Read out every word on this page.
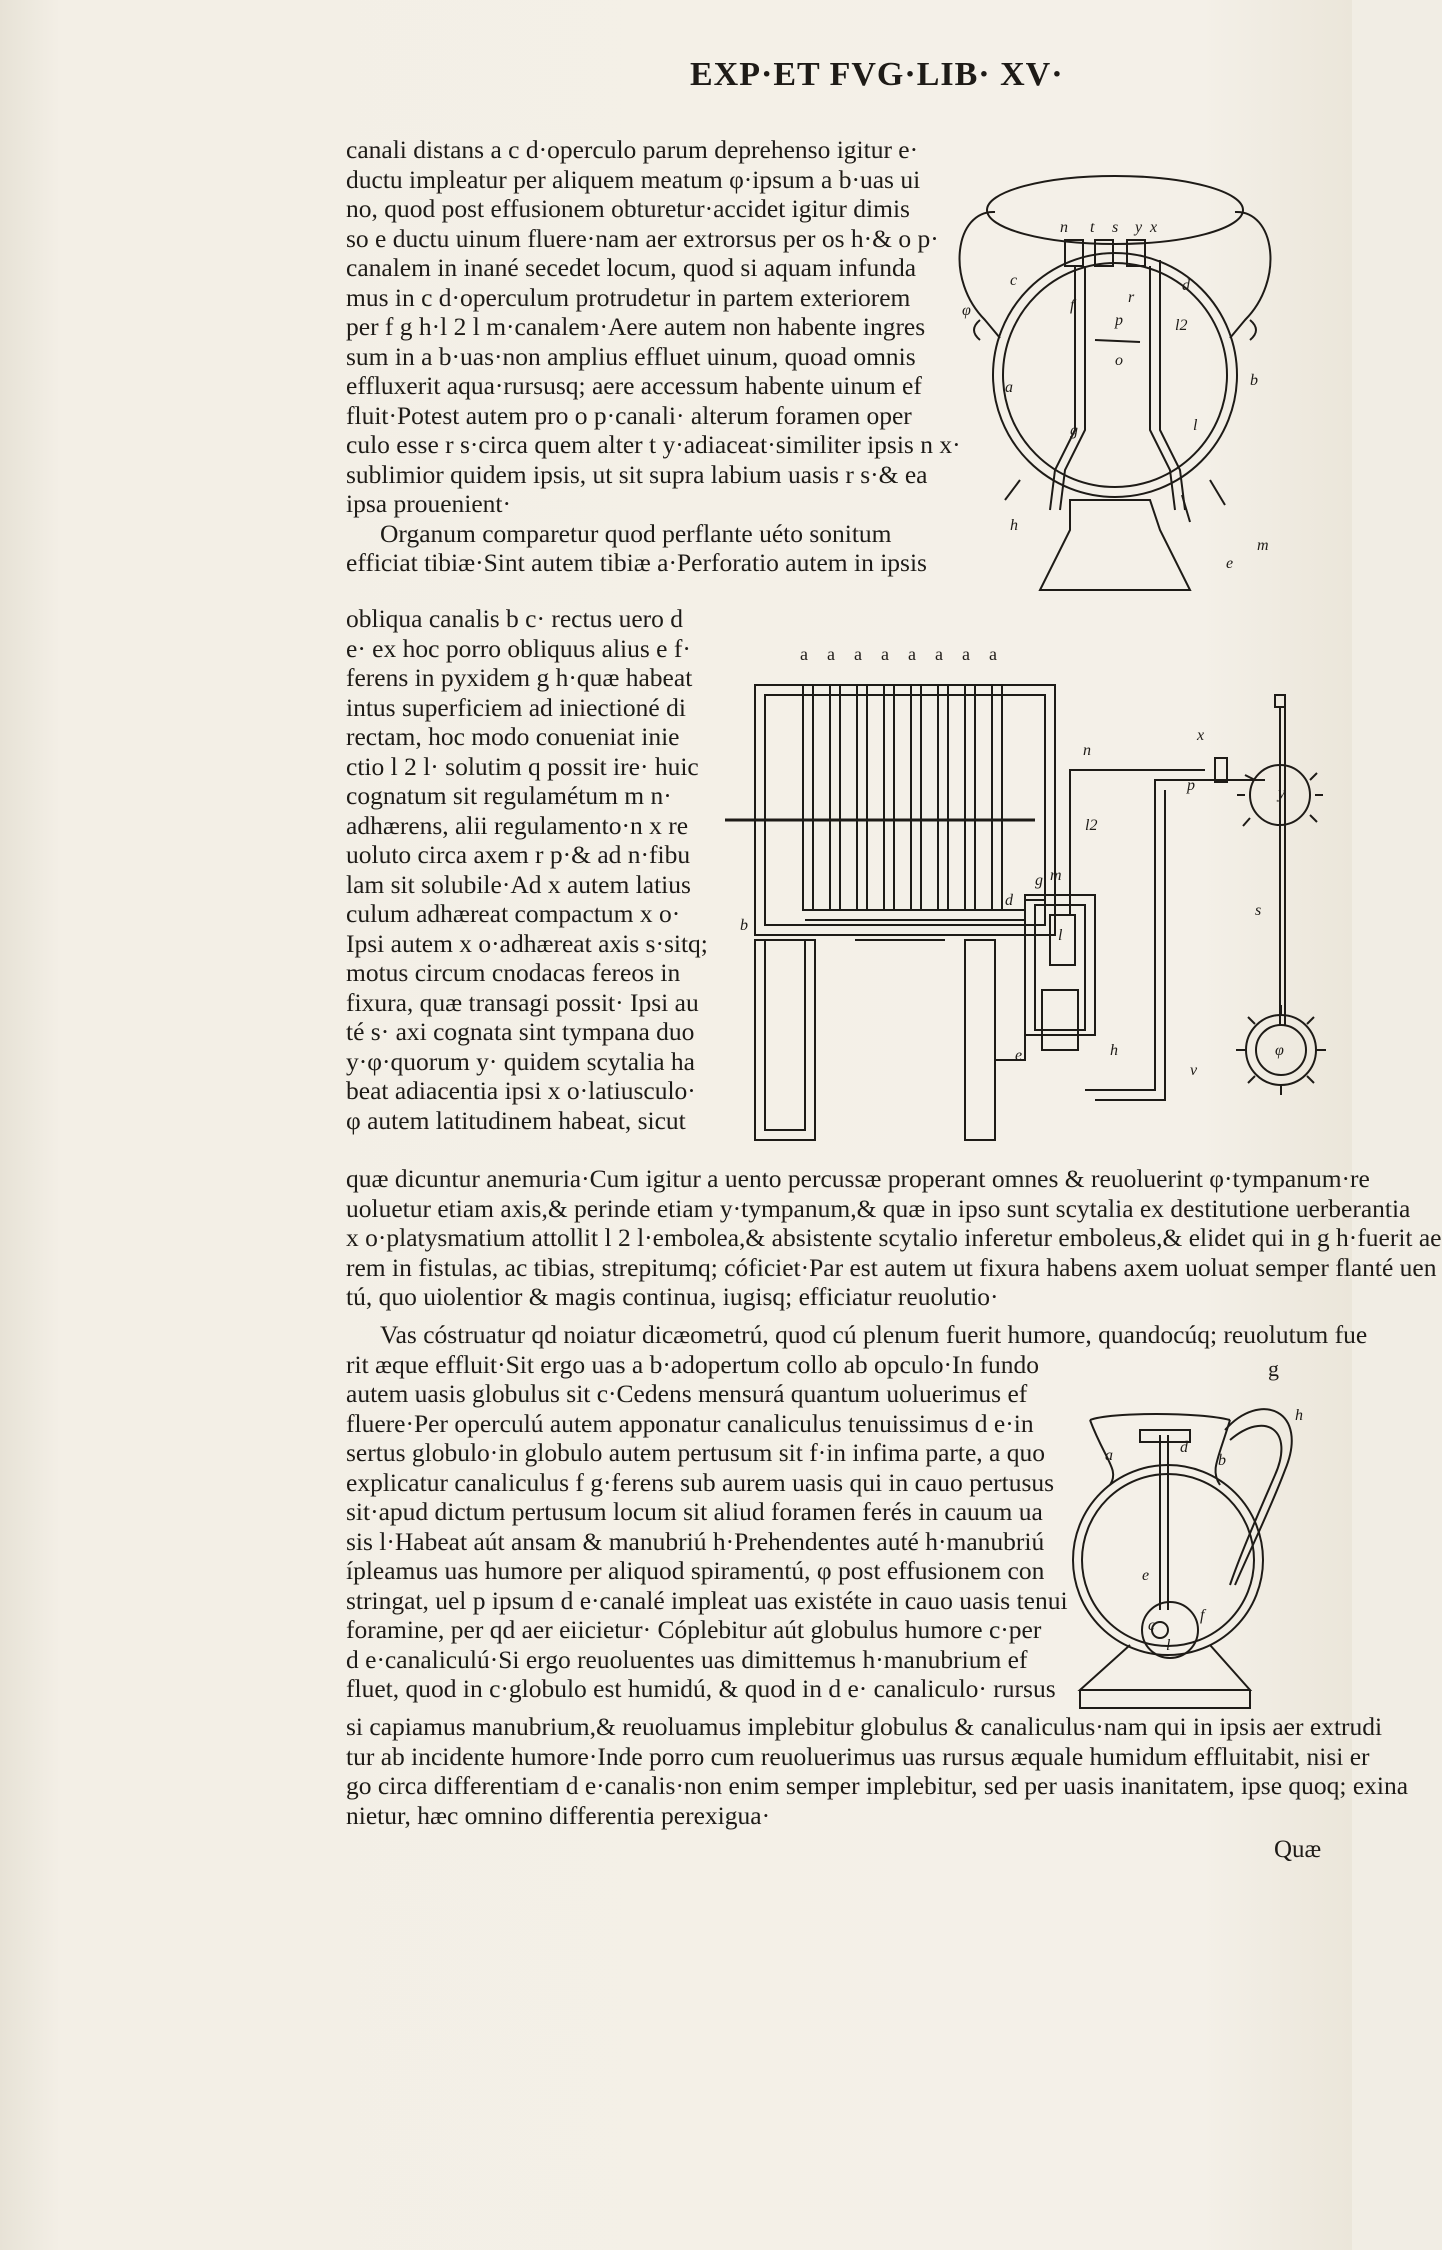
EXP·ET FVG·LIB· XV·
canali distans a c d·operculo parum deprehenso igitur e·
ductu impleatur per aliquem meatum φ·ipsum a b·uas ui
no, quod post effusionem obturetur·accidet igitur dimis
so e ductu uinum fluere·nam aer extrorsus per os h·& o p·
canalem in inané secedet locum, quod si aquam infunda
mus in c d·operculum protrudetur in partem exteriorem
per f g h·l 2 l m·canalem·Aere autem non habente ingres
sum in a b·uas·non amplius effluet uinum, quoad omnis
effluxerit aqua·rursusq; aere accessum habente uinum ef
fluit·Potest autem pro o p·canali· alterum foramen oper
culo esse r s·circa quem alter t y·adiaceat·similiter ipsis n x·
sublimior quidem ipsis, ut sit supra labium uasis r s·& ea
ipsa prouenient·
Organum comparetur quod perflante uéto sonitum
efficiat tibiæ·Sint autem tibiæ a·Perforatio autem in ipsis
obliqua canalis b c· rectus uero d
e· ex hoc porro obliquus alius e f·
ferens in pyxidem g h·quæ habeat
intus superficiem ad iniectioné di
rectam, hoc modo conueniat inie
ctio l 2 l· solutim q possit ire· huic
cognatum sit regulamétum m n·
adhærens, alii regulamento·n x re
uoluto circa axem r p·& ad n·fibu
lam sit solubile·Ad x autem latius
culum adhæreat compactum x o·
Ipsi autem x o·adhæreat axis s·sitq;
motus circum cnodacas fereos in
fixura, quæ transagi possit· Ipsi au
té s· axi cognata sint tympana duo
y·φ·quorum y· quidem scytalia ha
beat adiacentia ipsi x o·latiusculo·
φ autem latitudinem habeat, sicut
quæ dicuntur anemuria·Cum igitur a uento percussæ properant omnes & reuoluerint φ·tympanum·re
uoluetur etiam axis,& perinde etiam y·tympanum,& quæ in ipso sunt scytalia ex destitutione uerberantia
x o·platysmatium attollit l 2 l·embolea,& absistente scytalio inferetur emboleus,& elidet qui in g h·fuerit ae
rem in fistulas, ac tibias, strepitumq; cóficiet·Par est autem ut fixura habens axem uoluat semper flanté uen
tú, quo uiolentior & magis continua, iugisq; efficiatur reuolutio·
Vas cóstruatur qd noiatur dicæometrú, quod cú plenum fuerit humore, quandocúq; reuolutum fue
rit æque effluit·Sit ergo uas a b·adopertum collo ab opculo·In fundo
autem uasis globulus sit c·Cedens mensurá quantum uoluerimus ef
fluere·Per operculú autem apponatur canaliculus tenuissimus d e·in
sertus globulo·in globulo autem pertusum sit f·in infima parte, a quo
explicatur canaliculus f g·ferens sub aurem uasis qui in cauo pertusus
sit·apud dictum pertusum locum sit aliud foramen ferés in cauum ua
sis l·Habeat aút ansam & manubriú h·Prehendentes auté h·manubriú
ípleamus uas humore per aliquod spiramentú, φ post effusionem con
stringat, uel p ipsum d e·canalé impleat uas existéte in cauo uasis tenui
foramine, per qd aer eiicietur· Cóplebitur aút globulus humore c·per
d e·canaliculú·Si ergo reuoluentes uas dimittemus h·manubrium ef
fluet, quod in c·globulo est humidú, & quod in d e· canaliculo· rursus
si capiamus manubrium,& reuoluamus implebitur globulus & canaliculus·nam qui in ipsis aer extrudi
tur ab incidente humore·Inde porro cum reuoluerimus uas rursus æquale humidum effluitabit, nisi er
go circa differentiam d e·canalis·non enim semper implebitur, sed per uasis inanitatem, ipse quoq; exina
nietur, hæc omnino differentia perexigua·
g
Quæ
t
n	s y x
c
r
d
p
f
l2
o
φ
g	l
a	b
h
m
e
a a a a a a a a
b
d
e
m
g
h
l2
n
x
p	y
s
φ
v
l
h
a	d
b
e
c
f
l
